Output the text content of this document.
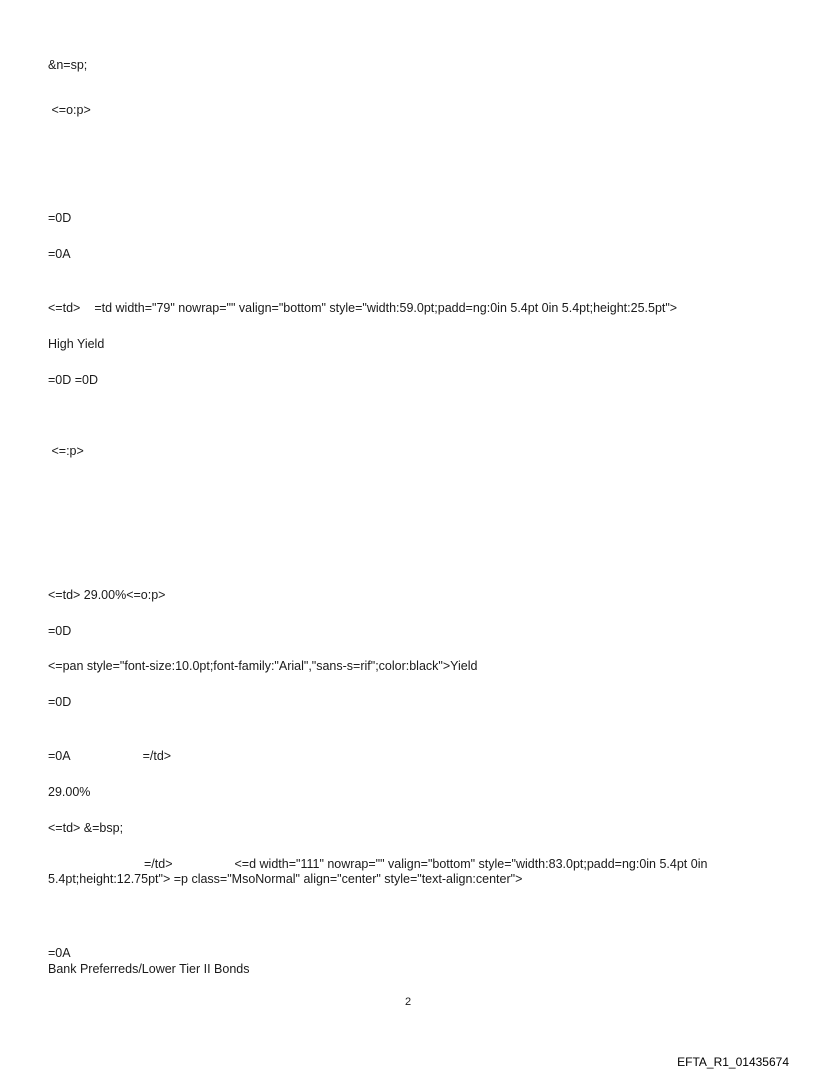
&n=sp;
<=o:p>
=0D
=0A
<=td> =td width="79" nowrap="" valign="bottom" style="width:59.0pt;padd=ng:0in 5.4pt 0in 5.4pt;height:25.5pt">
High Yield
=0D =0D
<=:p>
<=td> 29.00%<=o:p>
=0D
<=pan style="font-size:10.0pt;font-family:"Arial","sans-s=rif";color:black">Yield
=0D
=0A	=/td>
29.00%
<=td> &=bsp;
=/td>	<=d width="111" nowrap="" valign="bottom" style="width:83.0pt;padd=ng:0in 5.4pt 0in 5.4pt;height:12.75pt"> =p class="MsoNormal" align="center" style="text-align:center">
=0A
Bank Preferreds/Lower Tier II Bonds
2
EFTA_R1_01435674
